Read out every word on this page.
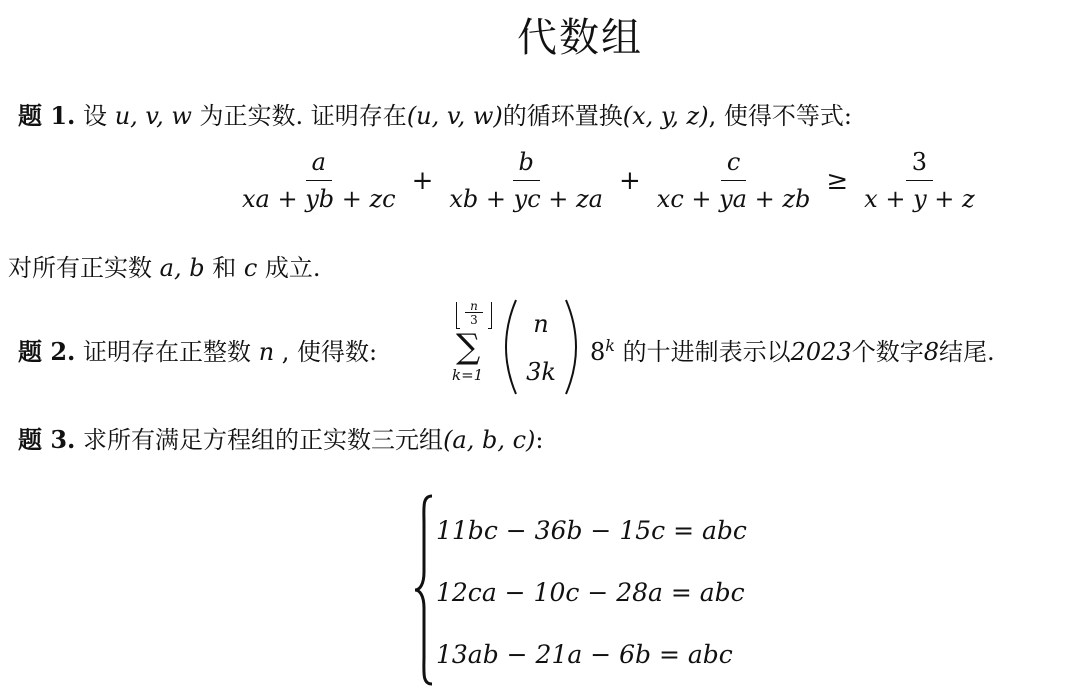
代数组
题 1. 设 u, v, w 为正实数. 证明存在(u, v, w)的循环置换(x, y, z), 使得不等式:
$\frac{a}{xa + yb + zc} + \frac{b}{xb + yc + za} + \frac{c}{xc + ya + zb} \ge \frac{3}{x + y + z}$
对所有正实数 a, b 和 c 成立.
题 2. 证明存在正整数 n , 使得数:
$\frac{n}{3}$
∑
k=1
n
3k
8$^k$ 的十进制表示以2023个数字8结尾.
题 3. 求所有满足方程组的正实数三元组(a, b, c):
11bc − 36b − 15c = abc
12ca − 10c − 28a = abc
13ab − 21a − 6b = abc
